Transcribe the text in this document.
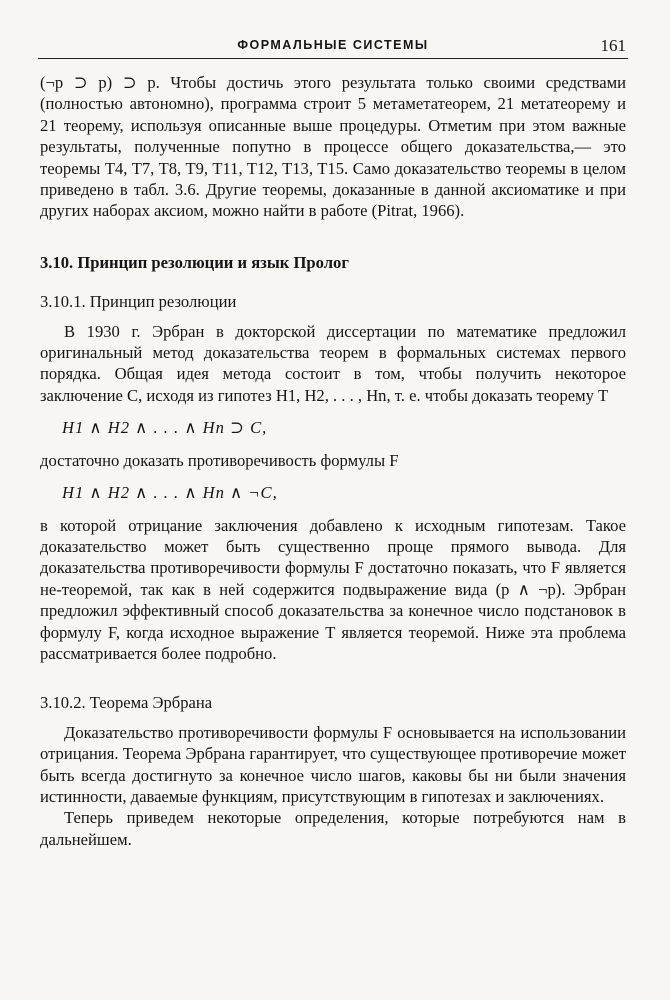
ФОРМАЛЬНЫЕ СИСТЕМЫ	161

(¬p ⊃ p) ⊃ p. Чтобы достичь этого результата только своими средствами (полностью автономно), программа строит 5 метаметатеорем, 21 метатеорему и 21 теорему, используя описанные выше процедуры. Отметим при этом важные результаты, полученные попутно в процессе общего доказательства,— это теоремы T4, T7, T8, T9, T11, T12, T13, T15. Само доказательство теоремы в целом приведено в табл. 3.6. Другие теоремы, доказанные в данной аксиоматике и при других наборах аксиом, можно найти в работе (Pitrat, 1966).

3.10. Принцип резолюции и язык Пролог

3.10.1. Принцип резолюции

В 1930 г. Эрбран в докторской диссертации по математике предложил оригинальный метод доказательства теорем в формальных системах первого порядка. Общая идея метода состоит в том, чтобы получить некоторое заключение C, исходя из гипотез H1, H2, . . . , Hn, т. е. чтобы доказать теорему T

H1 ∧ H2 ∧ . . . ∧ Hn ⊃ C,

достаточно доказать противоречивость формулы F

H1 ∧ H2 ∧ . . . ∧ Hn ∧ ¬C,

в которой отрицание заключения добавлено к исходным гипотезам. Такое доказательство может быть существенно проще прямого вывода. Для доказательства противоречивости формулы F достаточно показать, что F является не-теоремой, так как в ней содержится подвыражение вида (p ∧ ¬p). Эрбран предложил эффективный способ доказательства за конечное число подстановок в формулу F, когда исходное выражение T является теоремой. Ниже эта проблема рассматривается более подробно.

3.10.2. Теорема Эрбрана

Доказательство противоречивости формулы F основывается на использовании отрицания. Теорема Эрбрана гарантирует, что существующее противоречие может быть всегда достигнуто за конечное число шагов, каковы бы ни были значения истинности, даваемые функциям, присутствующим в гипотезах и заключениях.

Теперь приведем некоторые определения, которые потребуются нам в дальнейшем.
